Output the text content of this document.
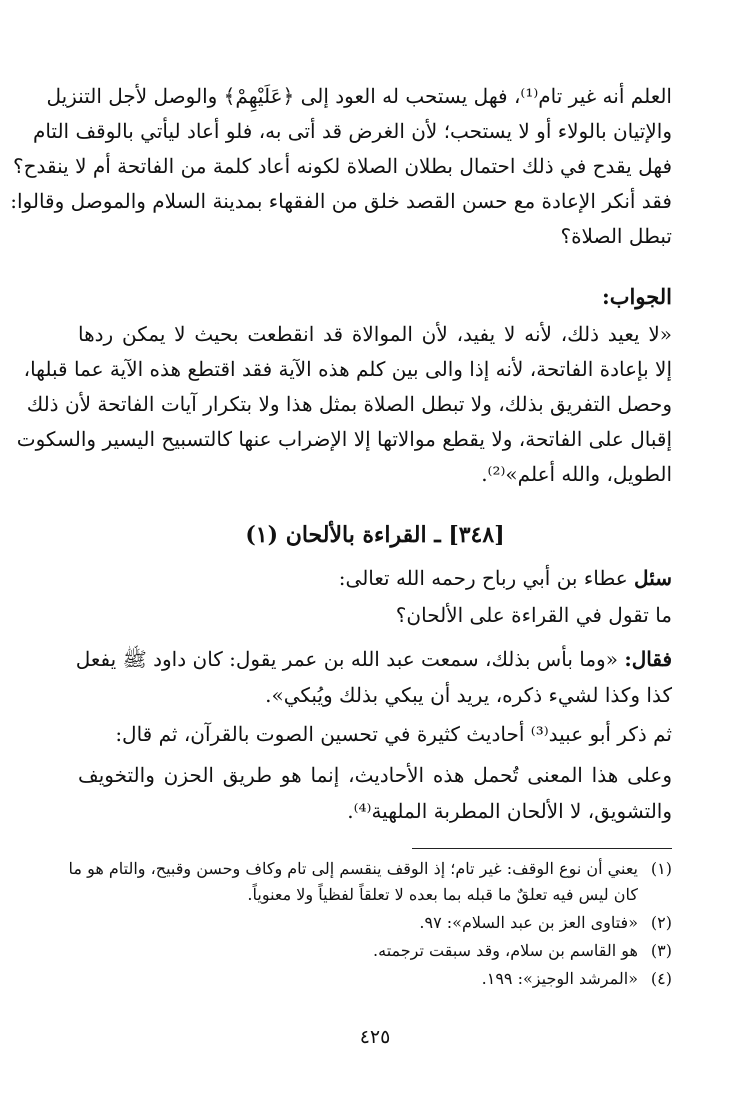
العلم أنه غير تام⁽¹⁾، فهل يستحب له العود إلى ﴿عَلَيْهِمْ﴾ والوصل لأجل التنزيل
والإتيان بالولاء أو لا يستحب؛ لأن الغرض قد أتى به، فلو أعاد ليأتي بالوقف التام
فهل يقدح في ذلك احتمال بطلان الصلاة لكونه أعاد كلمة من الفاتحة أم لا ينقدح؟
فقد أنكر الإعادة مع حسن القصد خلق من الفقهاء بمدينة السلام والموصل وقالوا:
تبطل الصلاة؟
الجواب:
«لا يعيد ذلك، لأنه لا يفيد، لأن الموالاة قد انقطعت بحيث لا يمكن ردها
إلا بإعادة الفاتحة، لأنه إذا والى بين كلم هذه الآية فقد اقتطع هذه الآية عما قبلها،
وحصل التفريق بذلك، ولا تبطل الصلاة بمثل هذا ولا بتكرار آيات الفاتحة لأن ذلك
إقبال على الفاتحة، ولا يقطع موالاتها إلا الإضراب عنها كالتسبيح اليسير والسكوت
الطويل، والله أعلم»⁽²⁾.
[٣٤٨] ـ القراءة بالألحان (١)
سئل عطاء بن أبي رباح رحمه الله تعالى:
ما تقول في القراءة على الألحان؟
فقال: «وما بأس بذلك، سمعت عبد الله بن عمر يقول: كان داود ﷺ يفعل
كذا وكذا لشيء ذكره، يريد أن يبكي بذلك ويُبكي».
ثم ذكر أبو عبيد⁽³⁾ أحاديث كثيرة في تحسين الصوت بالقرآن، ثم قال:
وعلى هذا المعنى تُحمل هذه الأحاديث، إنما هو طريق الحزن والتخويف
والتشويق، لا الألحان المطربة الملهية⁽⁴⁾.
(١)يعني أن نوع الوقف: غير تام؛ إذ الوقف ينقسم إلى تام وكاف وحسن وقبيح، والتام هو ما
كان ليس فيه تعلقٌ ما قبله بما بعده لا تعلقاً لفظياً ولا معنوياً.
(٢)«فتاوى العز بن عبد السلام»: ٩٧.
(٣)هو القاسم بن سلام، وقد سبقت ترجمته.
(٤)«المرشد الوجيز»: ١٩٩.
٤٢٥
